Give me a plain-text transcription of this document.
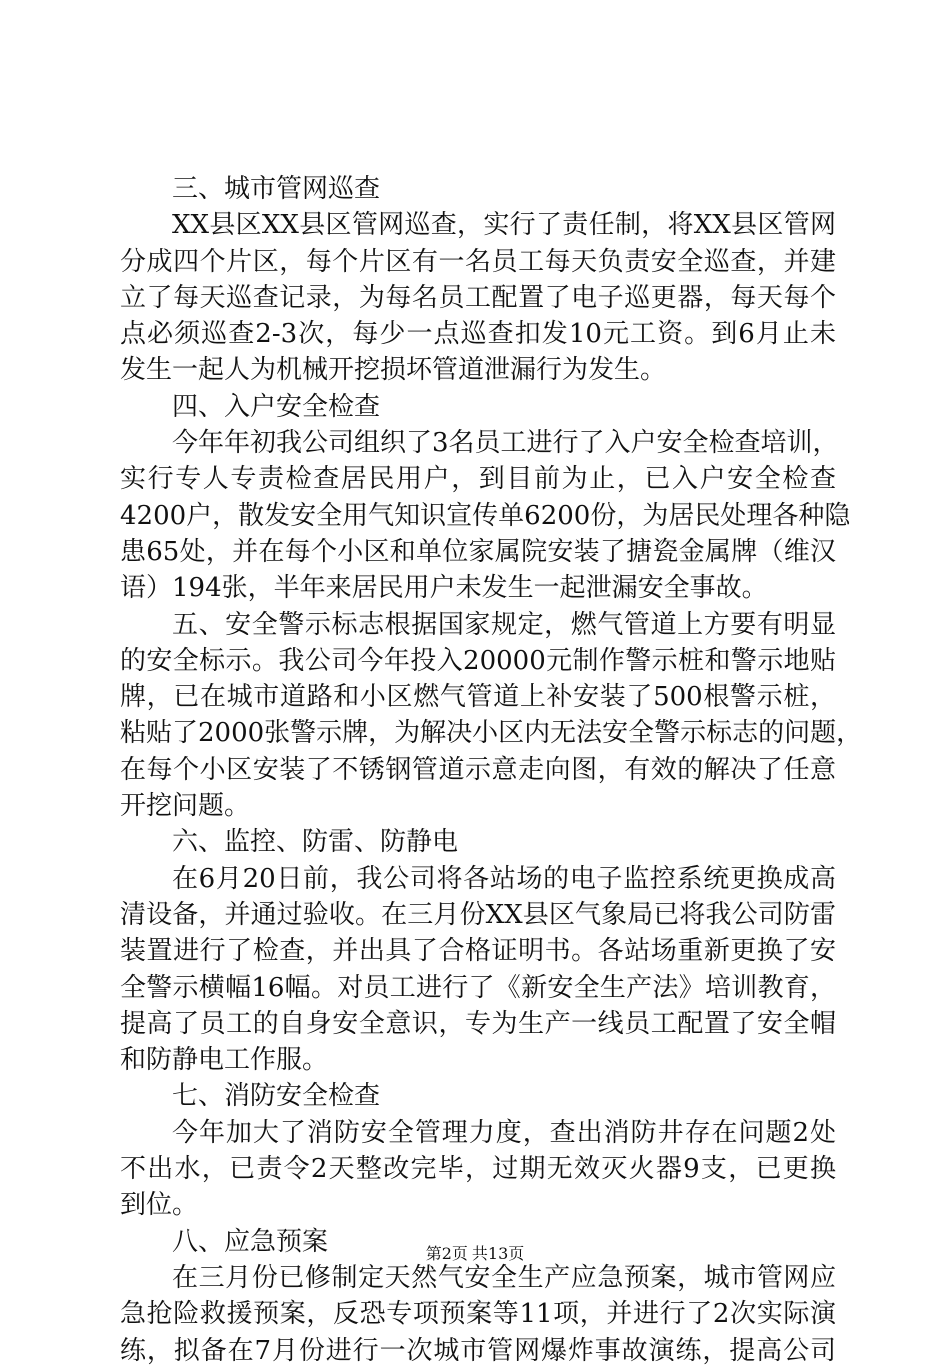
三、城市管网巡查
XX县区XX县区管网巡查，实行了责任制，将XX县区管网
分成四个片区，每个片区有一名员工每天负责安全巡查，并建
立了每天巡查记录，为每名员工配置了电子巡更器，每天每个
点必须巡查2-3次，每少一点巡查扣发10元工资。到6月止未
发生一起人为机械开挖损坏管道泄漏行为发生。
四、入户安全检查
今年年初我公司组织了3名员工进行了入户安全检查培训，
实行专人专责检查居民用户，到目前为止，已入户安全检查
4200户，散发安全用气知识宣传单6200份，为居民处理各种隐
患65处，并在每个小区和单位家属院安装了搪瓷金属牌（维汉
语）194张，半年来居民用户未发生一起泄漏安全事故。
五、安全警示标志根据国家规定，燃气管道上方要有明显
的安全标示。我公司今年投入20000元制作警示桩和警示地贴
牌，已在城市道路和小区燃气管道上补安装了500根警示桩，
粘贴了2000张警示牌，为解决小区内无法安全警示标志的问题，
在每个小区安装了不锈钢管道示意走向图，有效的解决了任意
开挖问题。
六、监控、防雷、防静电
在6月20日前，我公司将各站场的电子监控系统更换成高
清设备，并通过验收。在三月份XX县区气象局已将我公司防雷
装置进行了检查，并出具了合格证明书。各站场重新更换了安
全警示横幅16幅。对员工进行了《新安全生产法》培训教育，
提高了员工的自身安全意识，专为生产一线员工配置了安全帽
和防静电工作服。
七、消防安全检查
今年加大了消防安全管理力度，查出消防井存在问题2处
不出水，已责令2天整改完毕，过期无效灭火器9支，已更换
到位。
八、应急预案
在三月份已修制定天然气安全生产应急预案，城市管网应
急抢险救援预案，反恐专项预案等11项，并进行了2次实际演
练，拟备在7月份进行一次城市管网爆炸事故演练，提高公司
第2页 共13页
